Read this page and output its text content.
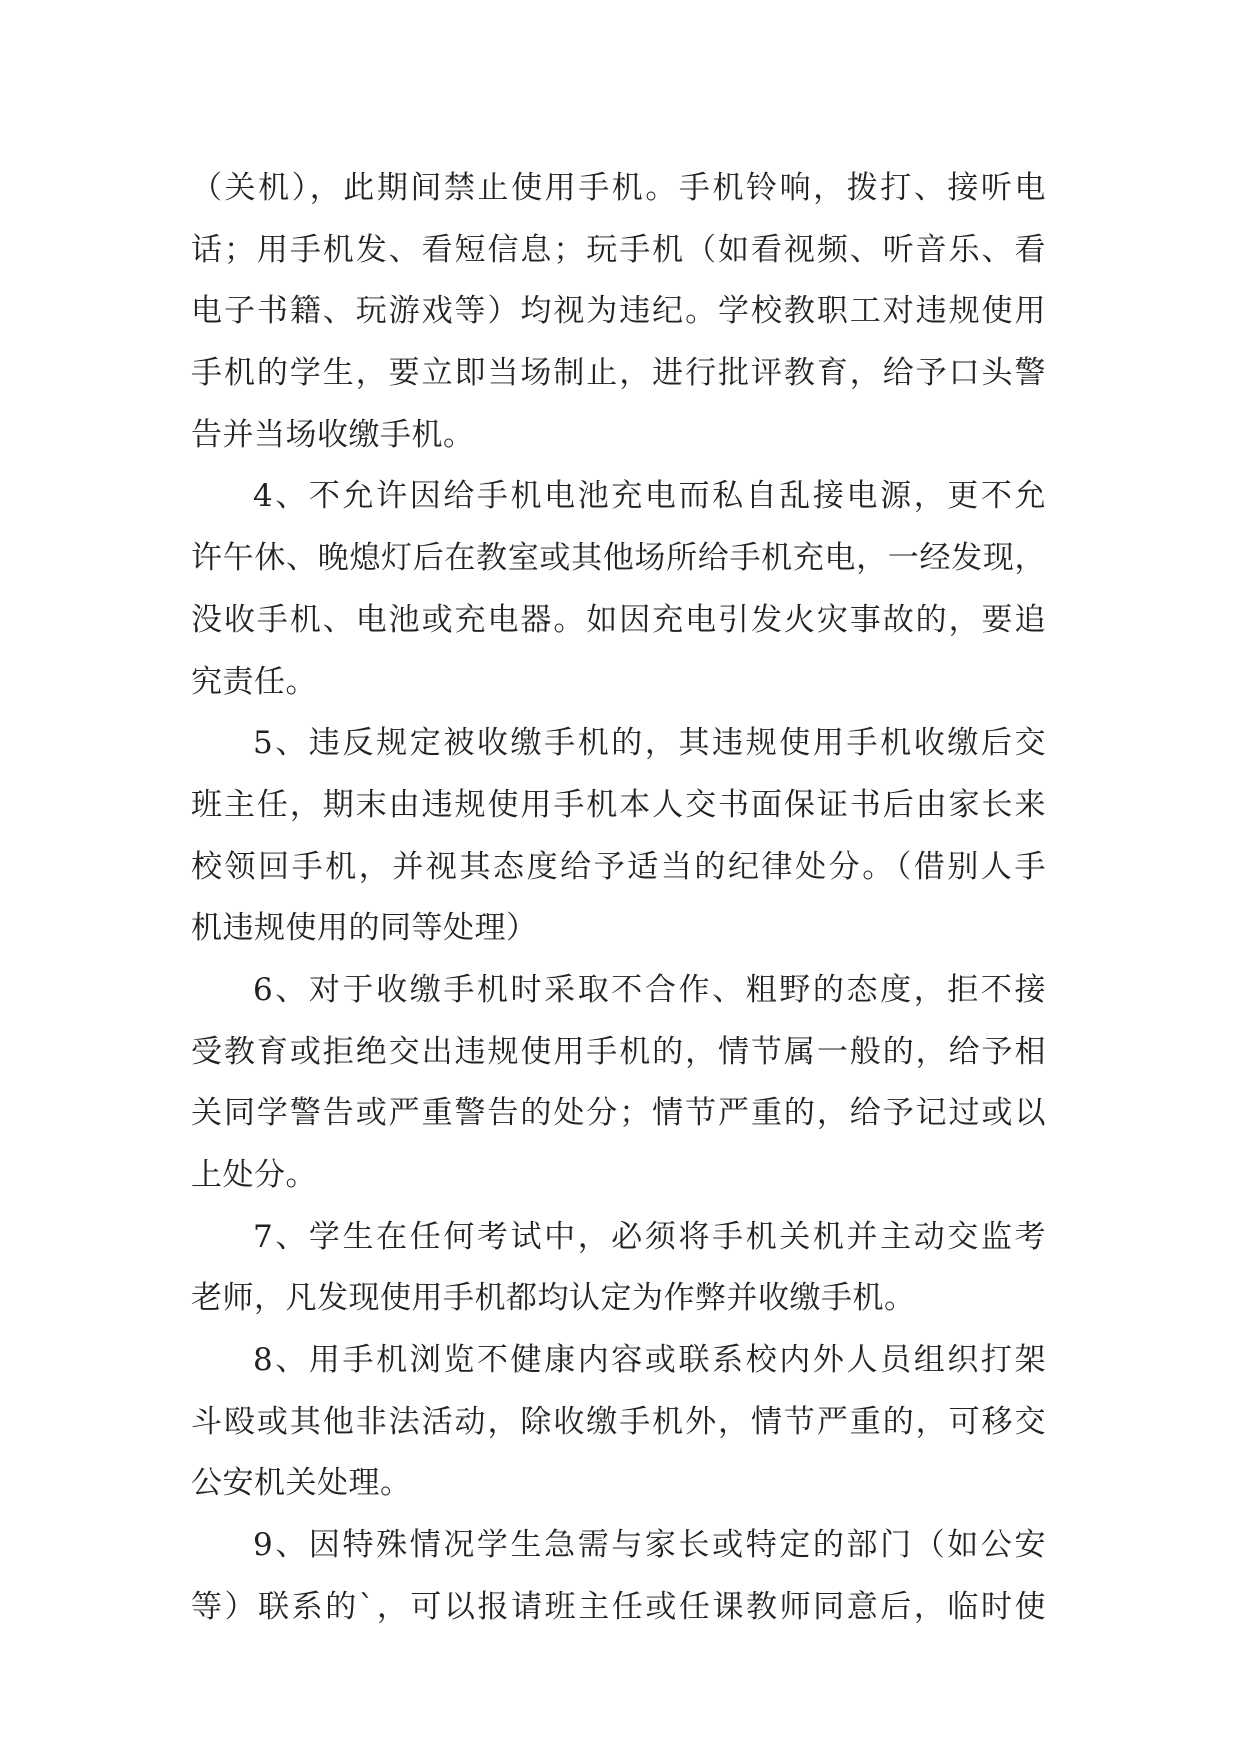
（关机），此期间禁止使用手机。手机铃响，拨打、接听电
话；用手机发、看短信息；玩手机（如看视频、听音乐、看
电子书籍、玩游戏等）均视为违纪。学校教职工对违规使用
手机的学生，要立即当场制止，进行批评教育，给予口头警
告并当场收缴手机。
4、不允许因给手机电池充电而私自乱接电源，更不允
许午休、晚熄灯后在教室或其他场所给手机充电，一经发现，
没收手机、电池或充电器。如因充电引发火灾事故的，要追
究责任。
5、违反规定被收缴手机的，其违规使用手机收缴后交
班主任，期末由违规使用手机本人交书面保证书后由家长来
校领回手机，并视其态度给予适当的纪律处分。（借别人手
机违规使用的同等处理）
6、对于收缴手机时采取不合作、粗野的态度，拒不接
受教育或拒绝交出违规使用手机的，情节属一般的，给予相
关同学警告或严重警告的处分；情节严重的，给予记过或以
上处分。
7、学生在任何考试中，必须将手机关机并主动交监考
老师，凡发现使用手机都均认定为作弊并收缴手机。
8、用手机浏览不健康内容或联系校内外人员组织打架
斗殴或其他非法活动，除收缴手机外，情节严重的，可移交
公安机关处理。
9、因特殊情况学生急需与家长或特定的部门（如公安
等）联系的`，可以报请班主任或任课教师同意后，临时使
